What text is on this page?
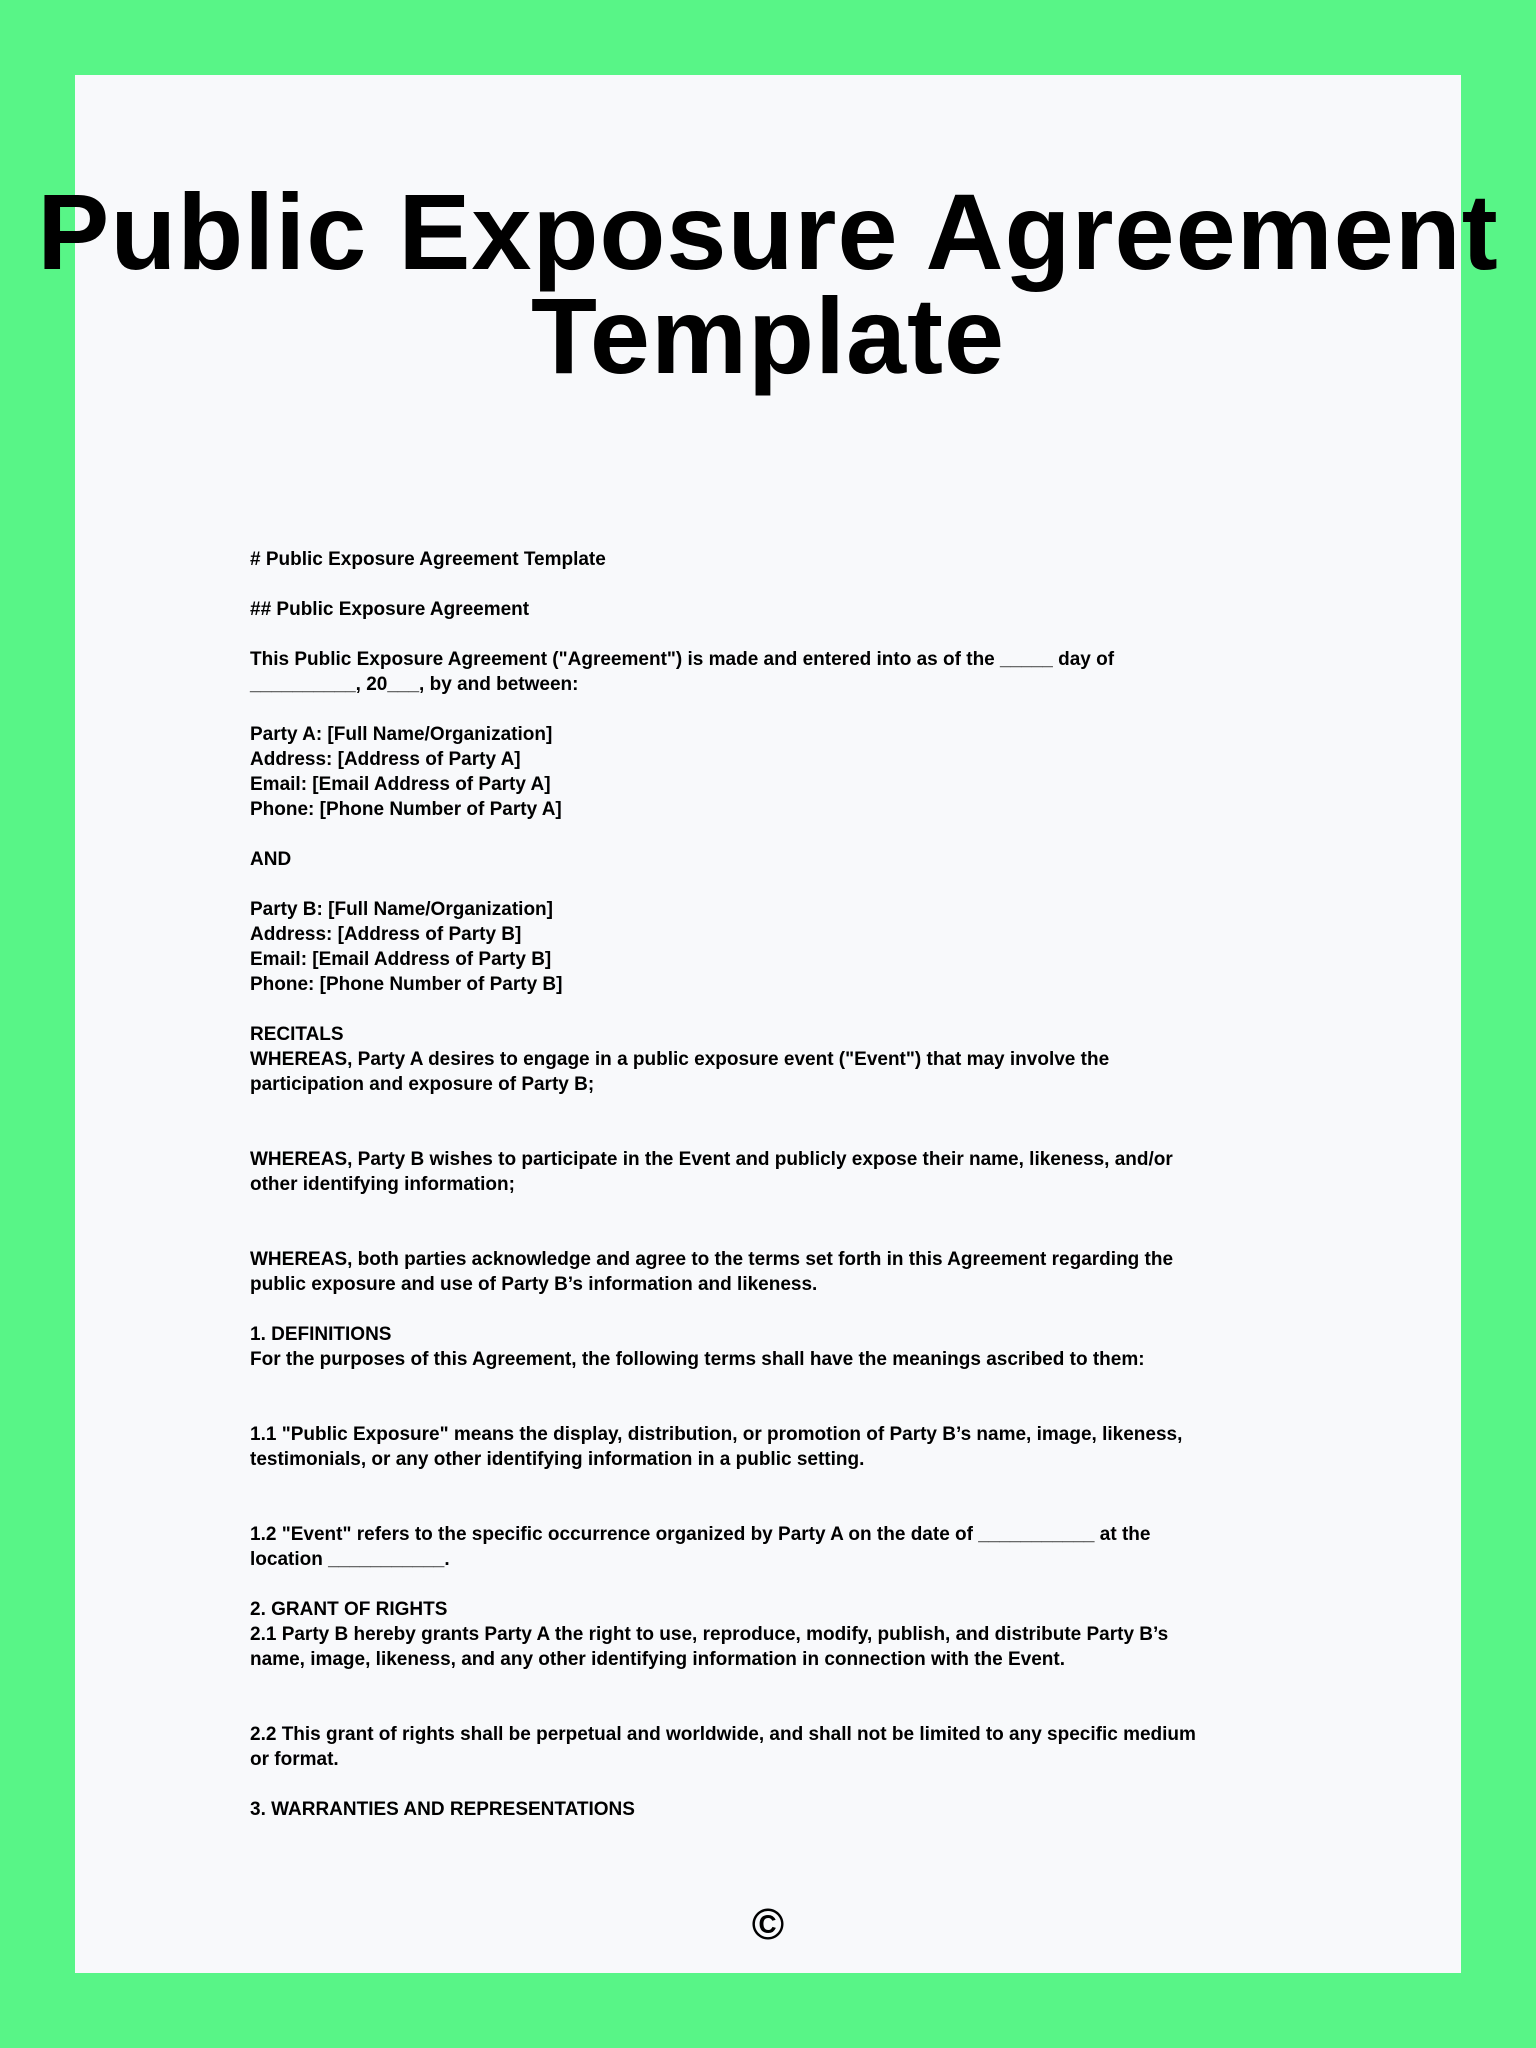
Public Exposure Agreement
Template

# Public Exposure Agreement Template

## Public Exposure Agreement

This Public Exposure Agreement ("Agreement") is made and entered into as of the _____ day of

__________, 20___, by and between:

Party A: [Full Name/Organization]

Address: [Address of Party A]

Email: [Email Address of Party A]

Phone: [Phone Number of Party A]

AND

Party B: [Full Name/Organization]

Address: [Address of Party B]

Email: [Email Address of Party B]

Phone: [Phone Number of Party B]

RECITALS

WHEREAS, Party A desires to engage in a public exposure event ("Event") that may involve the

participation and exposure of Party B;

WHEREAS, Party B wishes to participate in the Event and publicly expose their name, likeness, and/or

other identifying information;

WHEREAS, both parties acknowledge and agree to the terms set forth in this Agreement regarding the

public exposure and use of Party B’s information and likeness.

1. DEFINITIONS

For the purposes of this Agreement, the following terms shall have the meanings ascribed to them:

1.1 "Public Exposure" means the display, distribution, or promotion of Party B’s name, image, likeness,

testimonials, or any other identifying information in a public setting.

1.2 "Event" refers to the specific occurrence organized by Party A on the date of ___________ at the

location ___________.

2. GRANT OF RIGHTS

2.1 Party B hereby grants Party A the right to use, reproduce, modify, publish, and distribute Party B’s

name, image, likeness, and any other identifying information in connection with the Event.

2.2 This grant of rights shall be perpetual and worldwide, and shall not be limited to any specific medium

or format.

3. WARRANTIES AND REPRESENTATIONS

©
